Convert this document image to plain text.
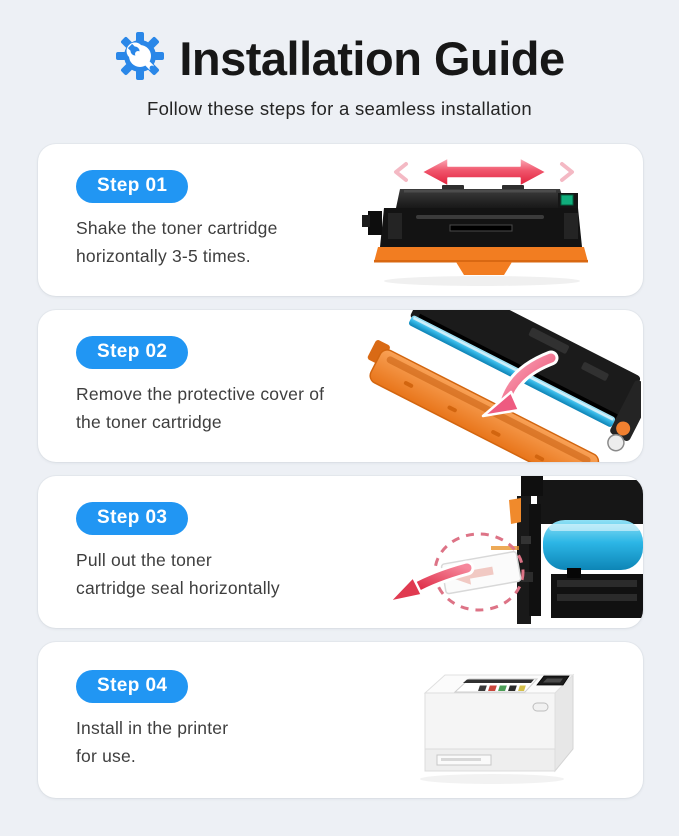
Installation Guide
Follow these steps for a seamless installation
Step 01
Shake the toner cartridge
horizontally 3-5 times.
Step 02
Remove the protective cover of
the toner cartridge
Step 03
Pull out the toner
cartridge seal horizontally
Step 04
Install in the printer
for use.
